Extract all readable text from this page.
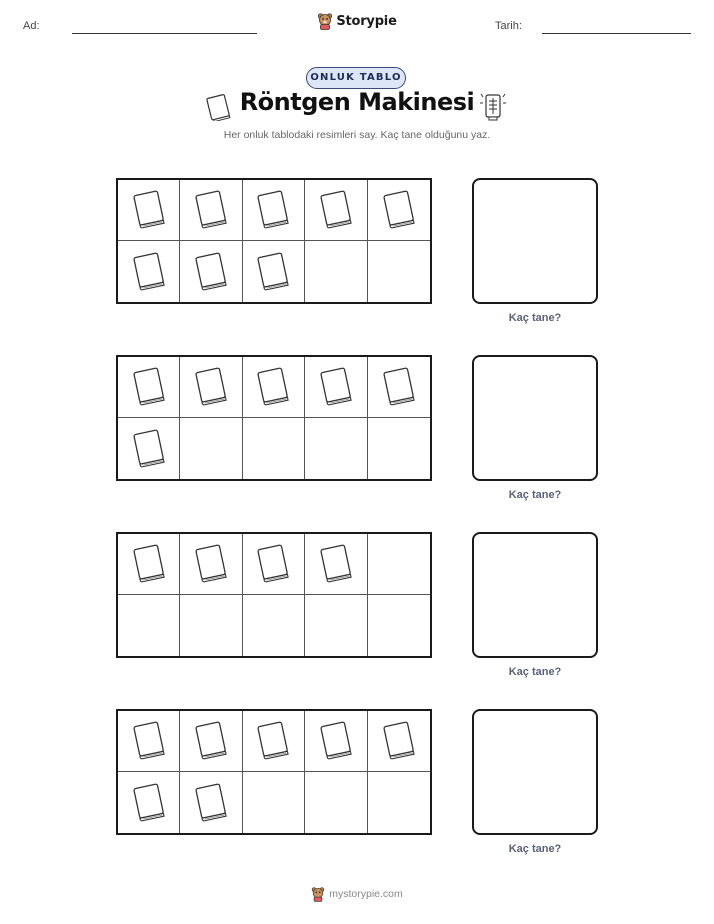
Ad:	Storypie	Tarih:
ONLUK TABLO
Röntgen Makinesi
Her onluk tablodaki resimleri say. Kaç tane olduğunu yaz.
Kaç tane?
Kaç tane?
Kaç tane?
Kaç tane?
mystorypie.com
